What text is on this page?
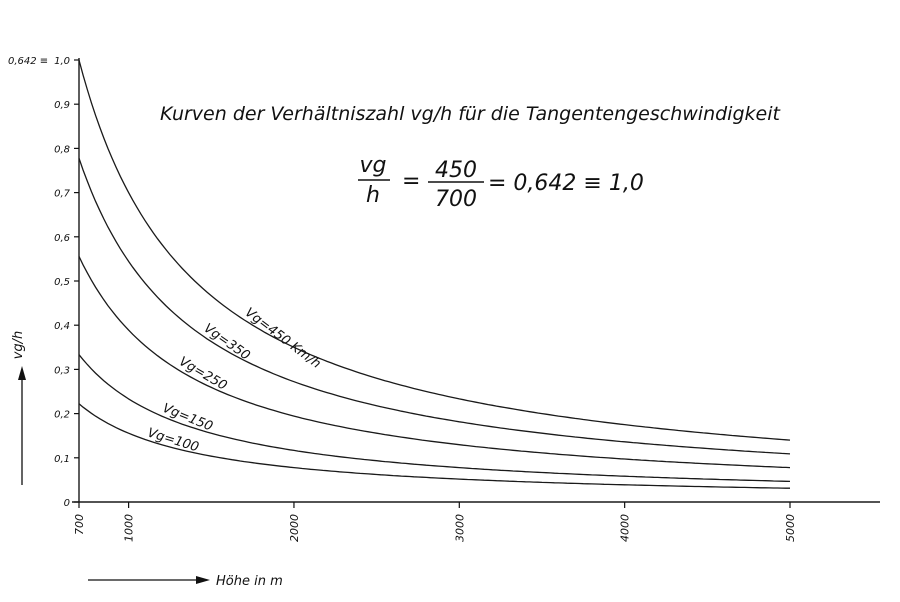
Kurven der Verhältniszahl vg/h für die Tangentengeschwindigkeit
vg
h
= 450
700
= 0,642 ≡ 1,0
0
0,1
0,2
0,3
0,4
0,5
0,6
0,7
0,8
0,9
1,0
700	1000	2000	3000	4000	5000
Vg=450 Km/h
Vg=350
Vg=250
Vg=150
Vg=100
0,642 ≡
vg/h
Höhe in m
